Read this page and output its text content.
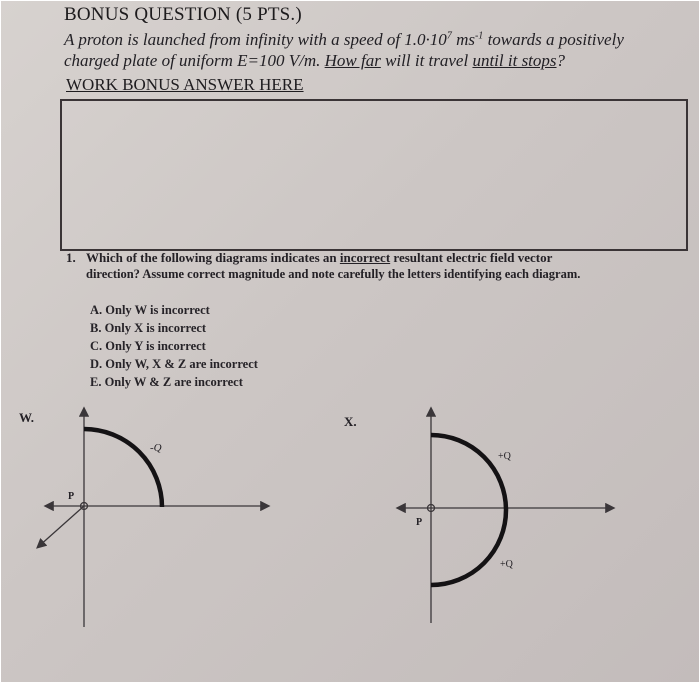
BONUS QUESTION (5 PTS.)
A proton is launched from infinity with a speed of $1.0\cdot 10^7$ $ms^{-1}$ towards a positively
charged plate of uniform E=100 V/m. How far will it travel until it stops?
WORK BONUS ANSWER HERE
1. Which of the following diagrams indicates an incorrect resultant electric field vector
direction? Assume correct magnitude and note carefully the letters identifying each diagram.
A. Only W is incorrect
B. Only X is incorrect
C. Only Y is incorrect
D. Only W, X & Z are incorrect
E. Only W & Z are incorrect
W.	X.
-Q
P
+Q
+Q
P
